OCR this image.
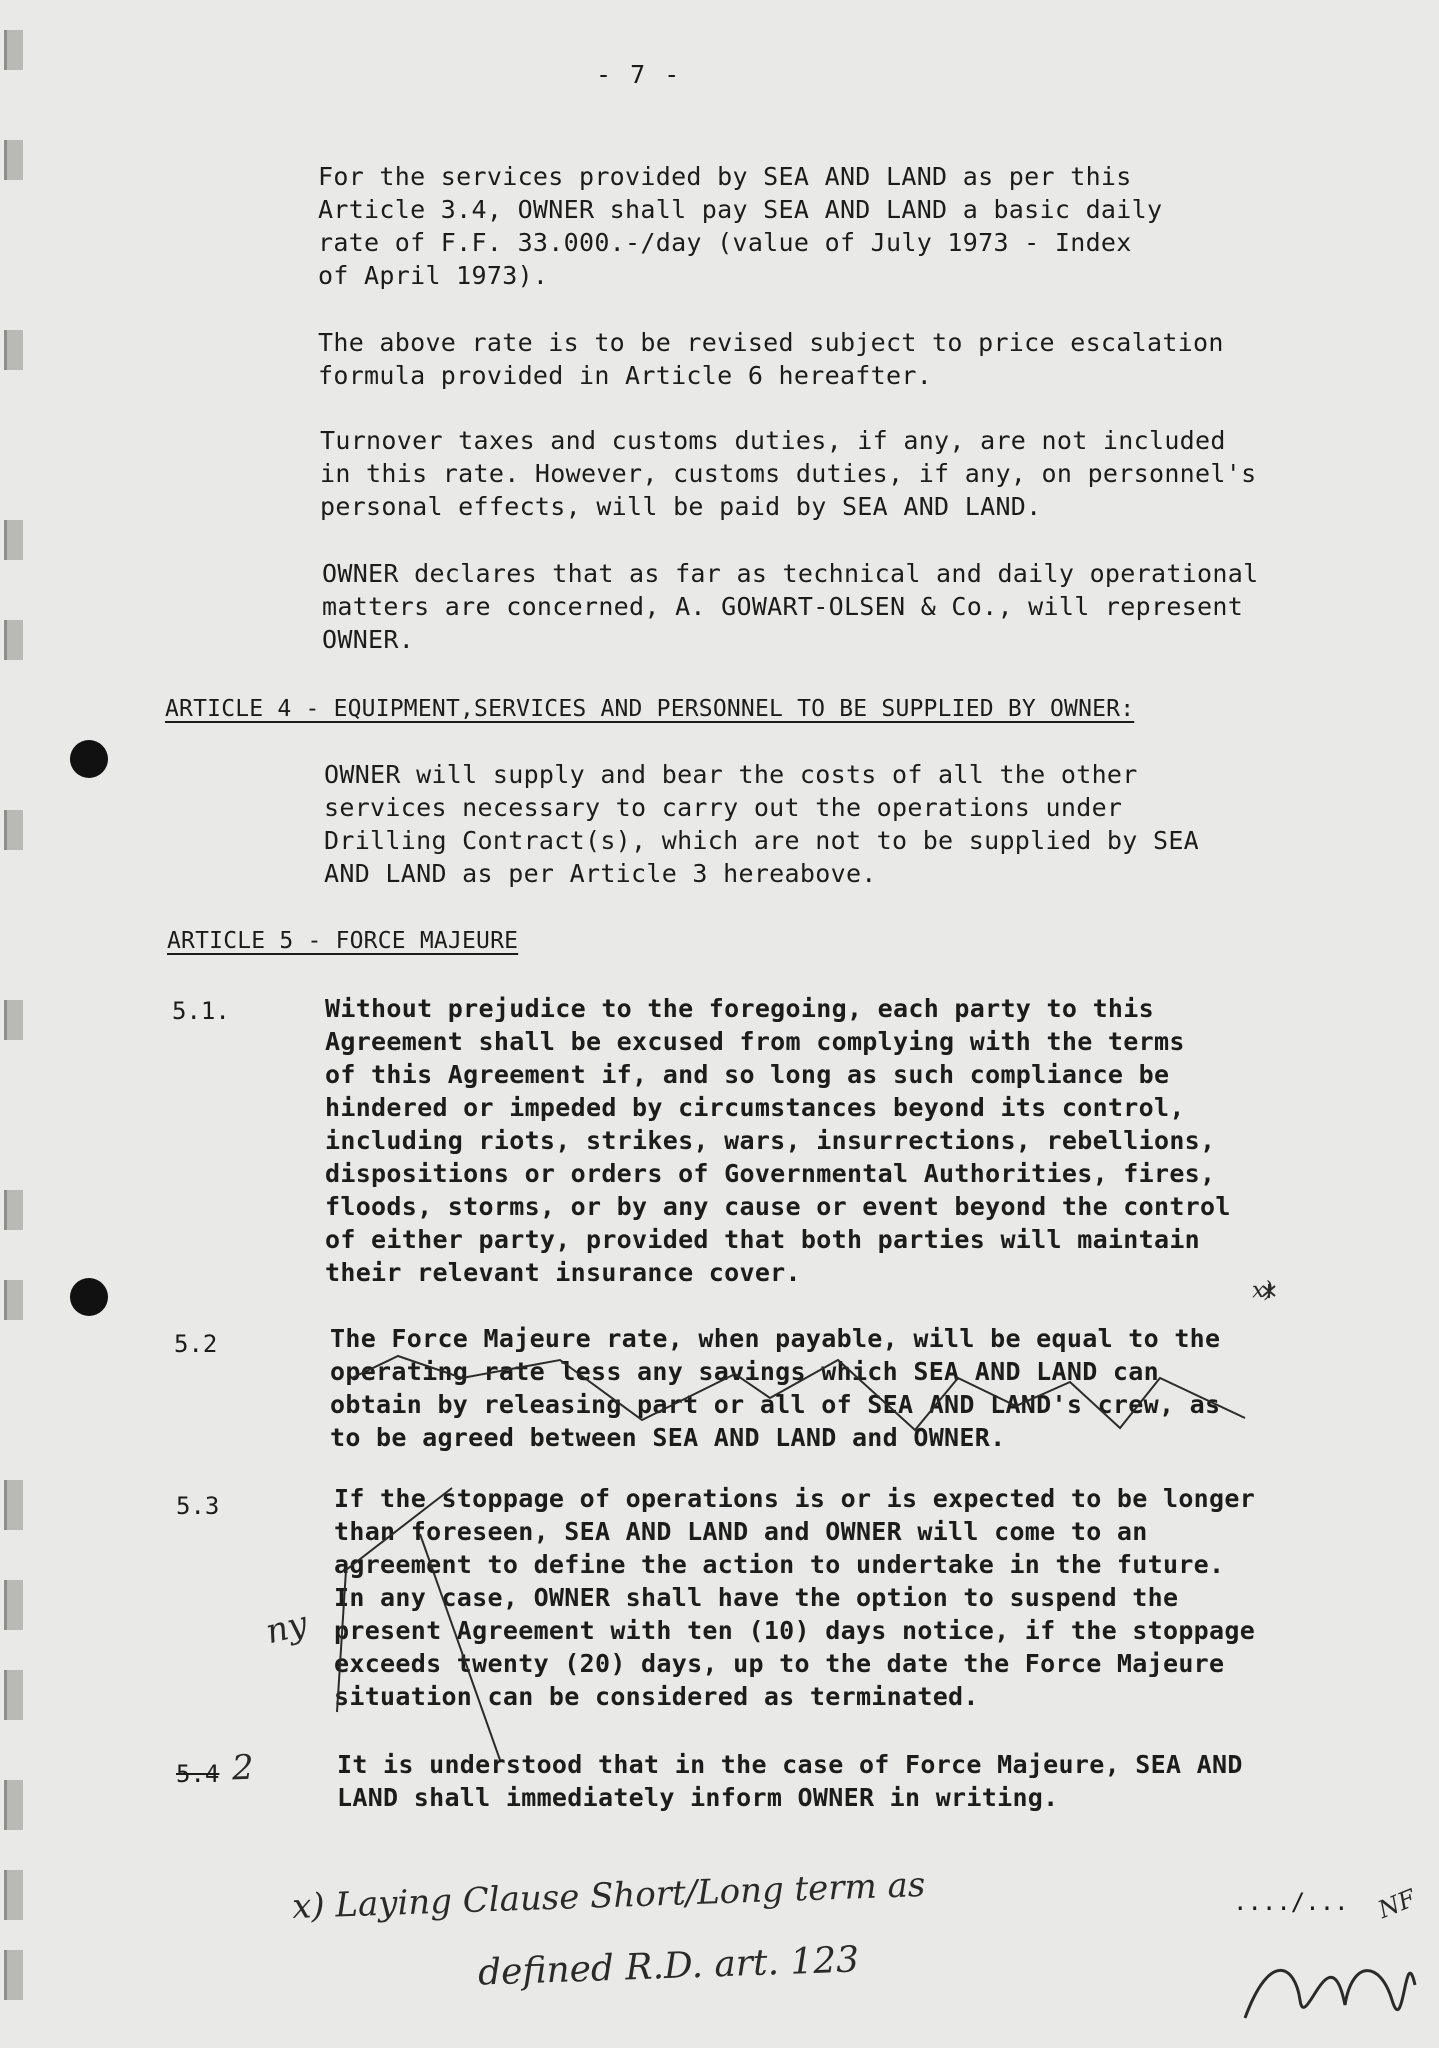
- 7 -
For the services provided by SEA AND LAND as per this
Article 3.4, OWNER shall pay SEA AND LAND a basic daily
rate of F.F. 33.000.-/day (value of July 1973 - Index
of April 1973).
The above rate is to be revised subject to price escalation
formula provided in Article 6 hereafter.
Turnover taxes and customs duties, if any, are not included
in this rate. However, customs duties, if any, on personnel's
personal effects, will be paid by SEA AND LAND.
OWNER declares that as far as technical and daily operational
matters are concerned, A. GOWART-OLSEN & Co., will represent
OWNER.
ARTICLE 4 - EQUIPMENT,SERVICES AND PERSONNEL TO BE SUPPLIED BY OWNER:
OWNER will supply and bear the costs of all the other
services necessary to carry out the operations under
Drilling Contract(s), which are not to be supplied by SEA
AND LAND as per Article 3 hereabove.
ARTICLE 5 - FORCE MAJEURE
5.1.	Without prejudice to the foregoing, each party to this
Agreement shall be excused from complying with the terms
of this Agreement if, and so long as such compliance be
hindered or impeded by circumstances beyond its control,
including riots, strikes, wars, insurrections, rebellions,
dispositions or orders of Governmental Authorities, fires,
floods, storms, or by any cause or event beyond the control
of either party, provided that both parties will maintain
their relevant insurance cover.
5.2	The Force Majeure rate, when payable, will be equal to the
operating rate less any savings which SEA AND LAND can
obtain by releasing part or all of SEA AND LAND's crew, as
to be agreed between SEA AND LAND and OWNER.
5.3	If the stoppage of operations is or is expected to be longer
than foreseen, SEA AND LAND and OWNER will come to an
agreement to define the action to undertake in the future.
In any case, OWNER shall have the option to suspend the
present Agreement with ten (10) days notice, if the stoppage
exceeds twenty (20) days, up to the date the Force Majeure
situation can be considered as terminated.
5.4	It is understood that in the case of Force Majeure, SEA AND
LAND shall immediately inform OWNER in writing.
..../...
2
x)
ny
x) Laying Clause Short/Long term as
defined R.D. art. 123
NF
